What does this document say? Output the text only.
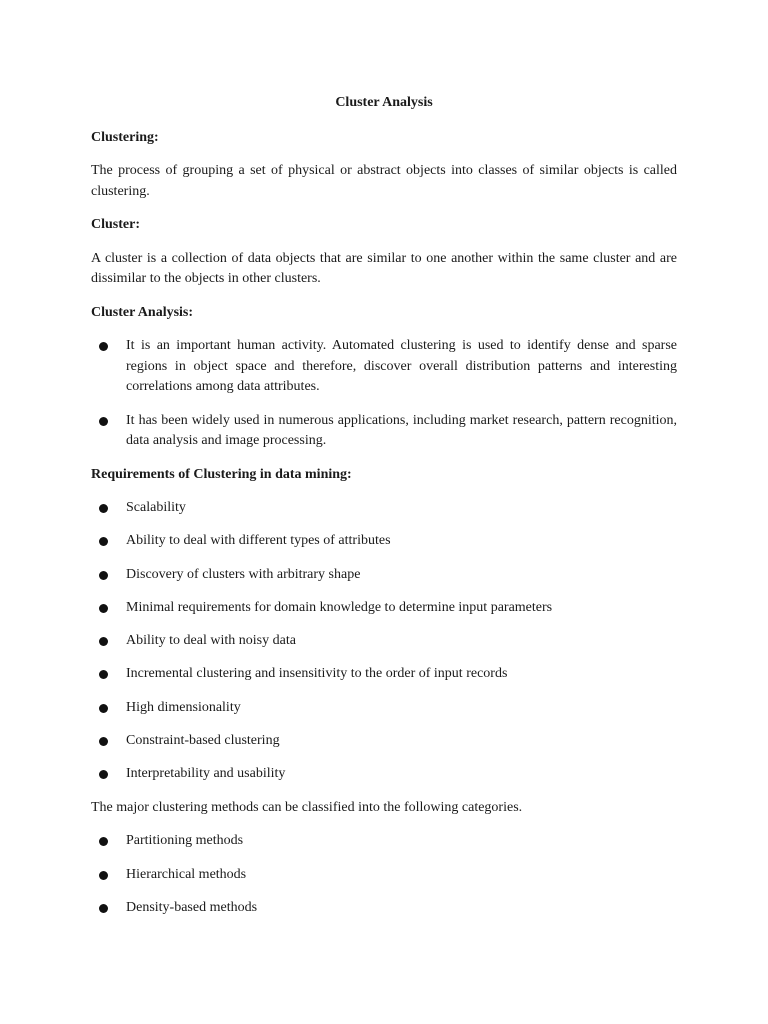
Cluster Analysis
Clustering:
The process of grouping a set of physical or abstract objects into classes of similar objects is called clustering.
Cluster:
A cluster is a collection of data objects that are similar to one another within the same cluster and are dissimilar to the objects in other clusters.
Cluster Analysis:
It is an important human activity. Automated clustering is used to identify dense and sparse regions in object space and therefore, discover overall distribution patterns and interesting correlations among data attributes.
It has been widely used in numerous applications, including market research, pattern recognition, data analysis and image processing.
Requirements of Clustering in data mining:
Scalability
Ability to deal with different types of attributes
Discovery of clusters with arbitrary shape
Minimal requirements for domain knowledge to determine input parameters
Ability to deal with noisy data
Incremental clustering and insensitivity to the order of input records
High dimensionality
Constraint-based clustering
Interpretability and usability
The major clustering methods can be classified into the following categories.
Partitioning methods
Hierarchical methods
Density-based methods
